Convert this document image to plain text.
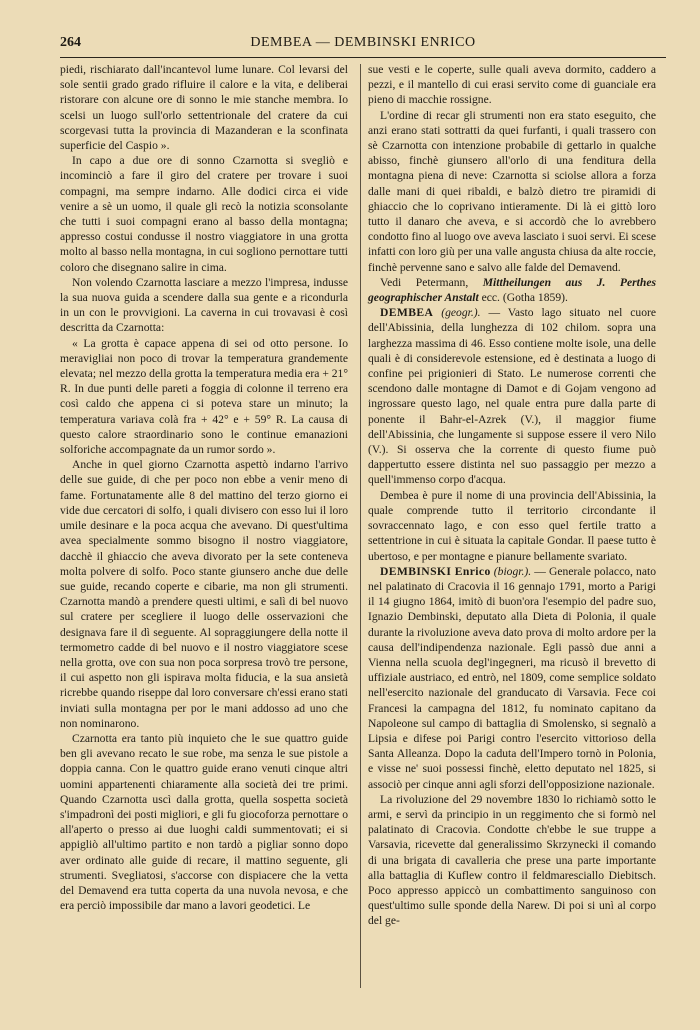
264	DEMBEA — DEMBINSKI ENRICO

piedi, rischiarato dall'incantevol lume lunare. Col levarsi del sole sentii grado grado rifluire il calore e la vita, e deliberai ristorare con alcune ore di sonno le mie stanche membra. Io scelsi un luogo sull'orlo settentrionale del cratere da cui scorgevasi tutta la provincia di Mazanderan e la sconfinata superficie del Caspio ».

In capo a due ore di sonno Czarnotta si svegliò e incominciò a fare il giro del cratere per trovare i suoi compagni, ma sempre indarno. Alle dodici circa ei vide venire a sè un uomo, il quale gli recò la notizia sconsolante che tutti i suoi compagni erano al basso della montagna; appresso costui condusse il nostro viaggiatore in una grotta molto al basso nella montagna, in cui sogliono pernottare tutti coloro che disegnano salire in cima.

Non volendo Czarnotta lasciare a mezzo l'impresa, indusse la sua nuova guida a scendere dalla sua gente e a ricondurla in un con le provvigioni. La caverna in cui trovavasi è così descritta da Czarnotta:

« La grotta è capace appena di sei od otto persone. Io meravigliai non poco di trovar la temperatura grandemente elevata; nel mezzo della grotta la temperatura media era + 21° R. In due punti delle pareti a foggia di colonne il terreno era così caldo che appena ci si poteva stare un minuto; la temperatura variava colà fra + 42° e + 59° R. La causa di questo calore straordinario sono le continue emanazioni solforiche accompagnate da un rumor sordo ».

Anche in quel giorno Czarnotta aspettò indarno l'arrivo delle sue guide, di che per poco non ebbe a venir meno di fame. Fortunatamente alle 8 del mattino del terzo giorno ei vide due cercatori di solfo, i quali divisero con esso lui il loro umile desinare e la poca acqua che avevano. Di quest'ultima avea specialmente sommo bisogno il nostro viaggiatore, dacchè il ghiaccio che aveva divorato per la sete conteneva molta polvere di solfo. Poco stante giunsero anche due delle sue guide, recando coperte e cibarie, ma non gli strumenti. Czarnotta mandò a prendere questi ultimi, e salì di bel nuovo sul cratere per scegliere il luogo delle osservazioni che designava fare il dì seguente. Al sopraggiungere della notte il termometro cadde di bel nuovo e il nostro viaggiatore scese nella grotta, ove con sua non poca sorpresa trovò tre persone, il cui aspetto non gli ispirava molta fiducia, e la sua ansietà ricrebbe quando riseppe dal loro conversare ch'essi erano stati inviati sulla montagna per por le mani addosso ad uno che non nominarono.

Czarnotta era tanto più inquieto che le sue quattro guide ben gli avevano recato le sue robe, ma senza le sue pistole a doppia canna. Con le quattro guide erano venuti cinque altri uomini appartenenti chiaramente alla società dei tre primi. Quando Czarnotta uscì dalla grotta, quella sospetta società s'impadronì dei posti migliori, e gli fu giocoforza pernottare o all'aperto o presso ai due luoghi caldi summentovati; ei si appigliò all'ultimo partito e non tardò a pigliar sonno dopo aver ordinato alle guide di recare, il mattino seguente, gli strumenti. Svegliatosi, s'accorse con dispiacere che la vetta del Demavend era tutta coperta da una nuvola nevosa, e che era perciò impossibile dar mano a lavori geodetici. Le

sue vesti e le coperte, sulle quali aveva dormito, caddero a pezzi, e il mantello di cui erasi servito come di guanciale era pieno di macchie rossigne.

L'ordine di recar gli strumenti non era stato eseguito, che anzi erano stati sottratti da quei furfanti, i quali trassero con sè Czarnotta con intenzione probabile di gettarlo in qualche abisso, finchè giunsero all'orlo di una fenditura della montagna piena di neve: Czarnotta si sciolse allora a forza dalle mani di quei ribaldi, e balzò dietro tre piramidi di ghiaccio che lo coprivano intieramente. Di là ei gittò loro tutto il danaro che aveva, e si accordò che lo avrebbero condotto fino al luogo ove aveva lasciato i suoi servi. Ei scese infatti con loro giù per una valle angusta chiusa da alte roccie, finchè pervenne sano e salvo alle falde del Demavend.

Vedi Petermann, Mittheilungen aus J. Perthes geographischer Anstalt ecc. (Gotha 1859).

DEMBEA (geogr.). — Vasto lago situato nel cuore dell'Abissinia, della lunghezza di 102 chilom. sopra una larghezza massima di 46. Esso contiene molte isole, una delle quali è di considerevole estensione, ed è destinata a luogo di confine pei prigionieri di Stato. Le numerose correnti che scendono dalle montagne di Damot e di Gojam vengono ad ingrossare questo lago, nel quale entra pure dalla parte di ponente il Bahr-el-Azrek (V.), il maggior fiume dell'Abissinia, che lungamente si suppose essere il vero Nilo (V.). Si osserva che la corrente di questo fiume può dappertutto essere distinta nel suo passaggio per mezzo a quell'immenso corpo d'acqua.

Dembea è pure il nome di una provincia dell'Abissinia, la quale comprende tutto il territorio circondante il sovraccennato lago, e con esso quel fertile tratto a settentrione in cui è situata la capitale Gondar. Il paese tutto è ubertoso, e per montagne e pianure bellamente svariato.

DEMBINSKI Enrico (biogr.). — Generale polacco, nato nel palatinato di Cracovia il 16 gennajo 1791, morto a Parigi il 14 giugno 1864, imitò di buon'ora l'esempio del padre suo, Ignazio Dembinski, deputato alla Dieta di Polonia, il quale durante la rivoluzione aveva dato prova di molto ardore per la causa dell'indipendenza nazionale. Egli passò due anni a Vienna nella scuola degl'ingegneri, ma ricusò il brevetto di uffiziale austriaco, ed entrò, nel 1809, come semplice soldato nell'esercito nazionale del granducato di Varsavia. Fece coi Francesi la campagna del 1812, fu nominato capitano da Napoleone sul campo di battaglia di Smolensko, si segnalò a Lipsia e difese poi Parigi contro l'esercito vittorioso della Santa Alleanza. Dopo la caduta dell'Impero tornò in Polonia, e visse ne' suoi possessi finchè, eletto deputato nel 1825, si associò per cinque anni agli sforzi dell'opposizione nazionale.

La rivoluzione del 29 novembre 1830 lo richiamò sotto le armi, e servì da principio in un reggimento che si formò nel palatinato di Cracovia. Condotte ch'ebbe le sue truppe a Varsavia, ricevette dal generalissimo Skrzynecki il comando di una brigata di cavalleria che prese una parte importante alla battaglia di Kuflew contro il feldmaresciallo Diebitsch. Poco appresso appiccò un combattimento sanguinoso con quest'ultimo sulle sponde della Narew. Di poi si unì al corpo del ge-
